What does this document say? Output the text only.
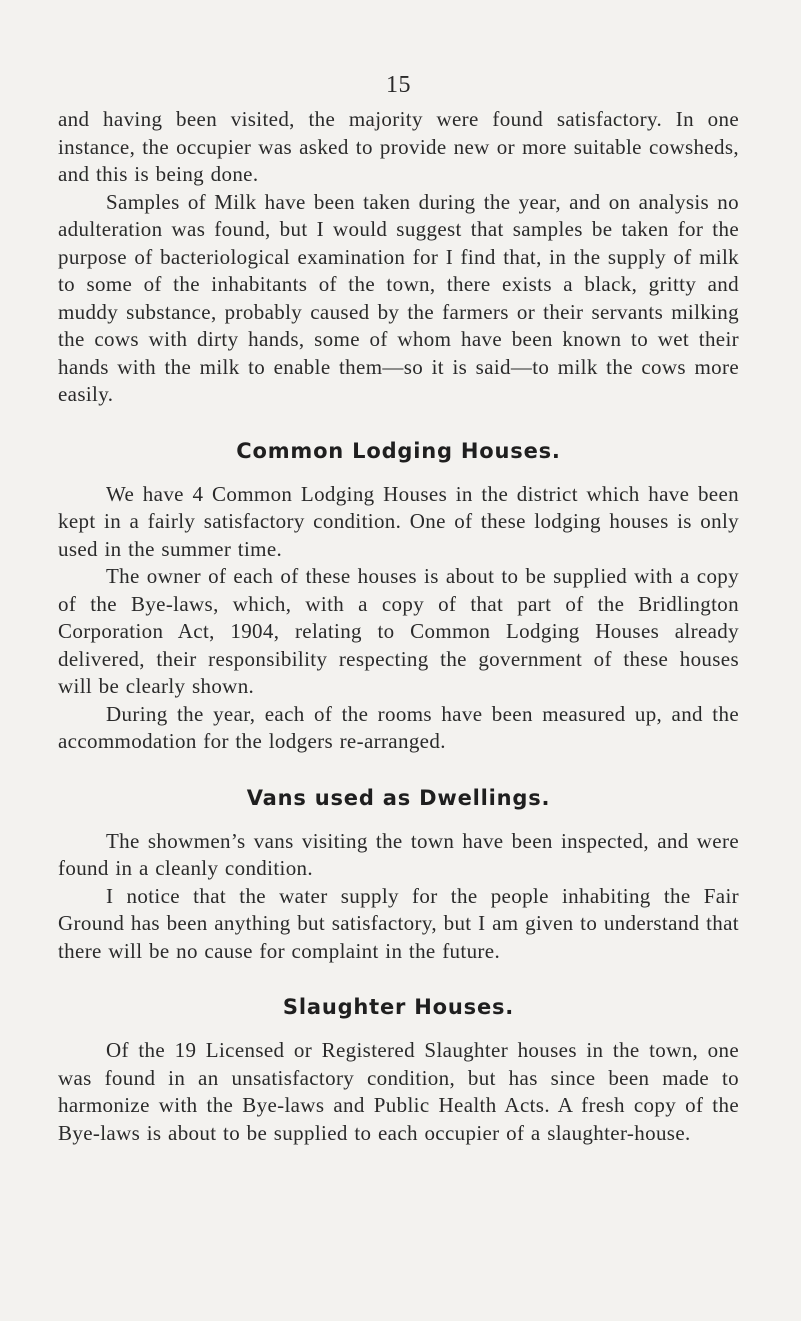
15

and having been visited, the majority were found satisfactory. In one instance, the occupier was asked to provide new or more suitable cowsheds, and this is being done.

Samples of Milk have been taken during the year, and on analysis no adulteration was found, but I would suggest that samples be taken for the purpose of bacteriological examination for I find that, in the supply of milk to some of the inhabitants of the town, there exists a black, gritty and muddy substance, probably caused by the farmers or their servants milking the cows with dirty hands, some of whom have been known to wet their hands with the milk to enable them—so it is said—to milk the cows more easily.

Common Lodging Houses.

We have 4 Common Lodging Houses in the district which have been kept in a fairly satisfactory condition. One of these lodging houses is only used in the summer time.

The owner of each of these houses is about to be supplied with a copy of the Bye-laws, which, with a copy of that part of the Bridlington Corporation Act, 1904, relating to Common Lodging Houses already delivered, their responsibility respecting the government of these houses will be clearly shown.

During the year, each of the rooms have been measured up, and the accommodation for the lodgers re-arranged.

Vans used as Dwellings.

The showmen’s vans visiting the town have been inspected, and were found in a cleanly condition.

I notice that the water supply for the people inhabiting the Fair Ground has been anything but satisfactory, but I am given to understand that there will be no cause for complaint in the future.

Slaughter Houses.

Of the 19 Licensed or Registered Slaughter houses in the town, one was found in an unsatisfactory condition, but has since been made to harmonize with the Bye-laws and Public Health Acts. A fresh copy of the Bye-laws is about to be supplied to each occupier of a slaughter-house.
